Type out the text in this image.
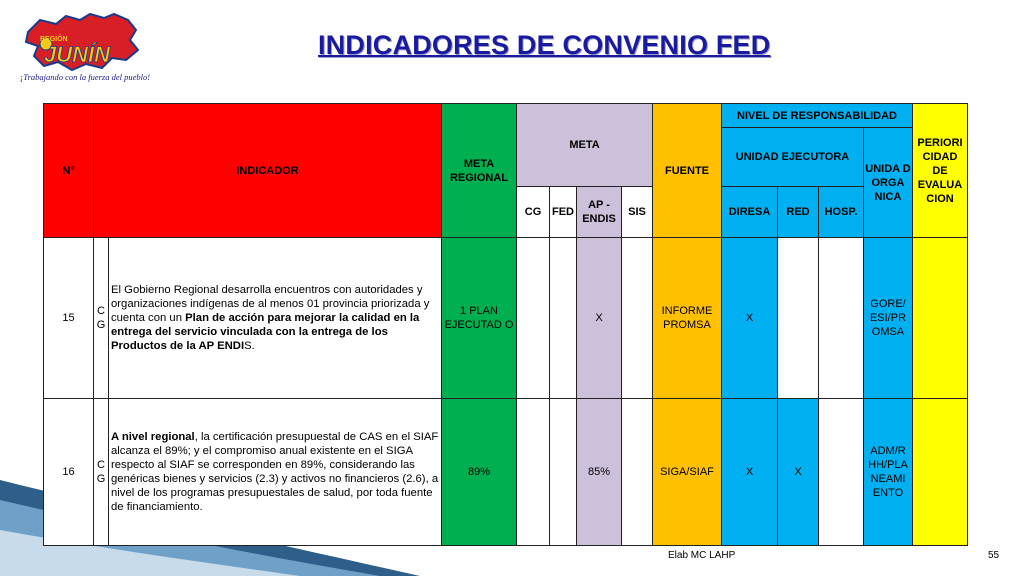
REGIÓN
JUNÍN
¡Trabajando con la fuerza del pueblo!
INDICADORES DE CONVENIO FED
N°	INDICADOR		META REGIONAL	META				FUENTE	NIVEL DE RESPONSABILIDAD				PERIORI CIDAD DE EVALUA CION
									UNIDAD EJECUTORA			UNIDA D ORGA NICA	
				CG	FED	AP - ENDIS	SIS		DIRESA	RED	HOSP.		
15	C G	El Gobierno Regional desarrolla encuentros con autoridades y organizaciones indígenas de al menos 01 provincia priorizada y cuenta con un Plan de acción para mejorar la calidad en la entrega del servicio vinculada con la entrega de los Productos de la AP ENDIS.	1 PLAN EJECUTAD O			X		INFORME PROMSA	X			GORE/ ESI/PR OMSA	
16	C G	A nivel regional, la certificación presupuestal de CAS en el SIAF alcanza el 89%; y el compromiso anual existente en el SIGA respecto al SIAF se corresponden en 89%, considerando las genéricas bienes y servicios (2.3) y activos no financieros (2.6), a nivel de los programas presupuestales de salud, por toda fuente de financiamiento.	89%			85%		SIGA/SIAF	X	X		ADM/R HH/PLA NEAMI ENTO	
Elab MC LAHP	55
